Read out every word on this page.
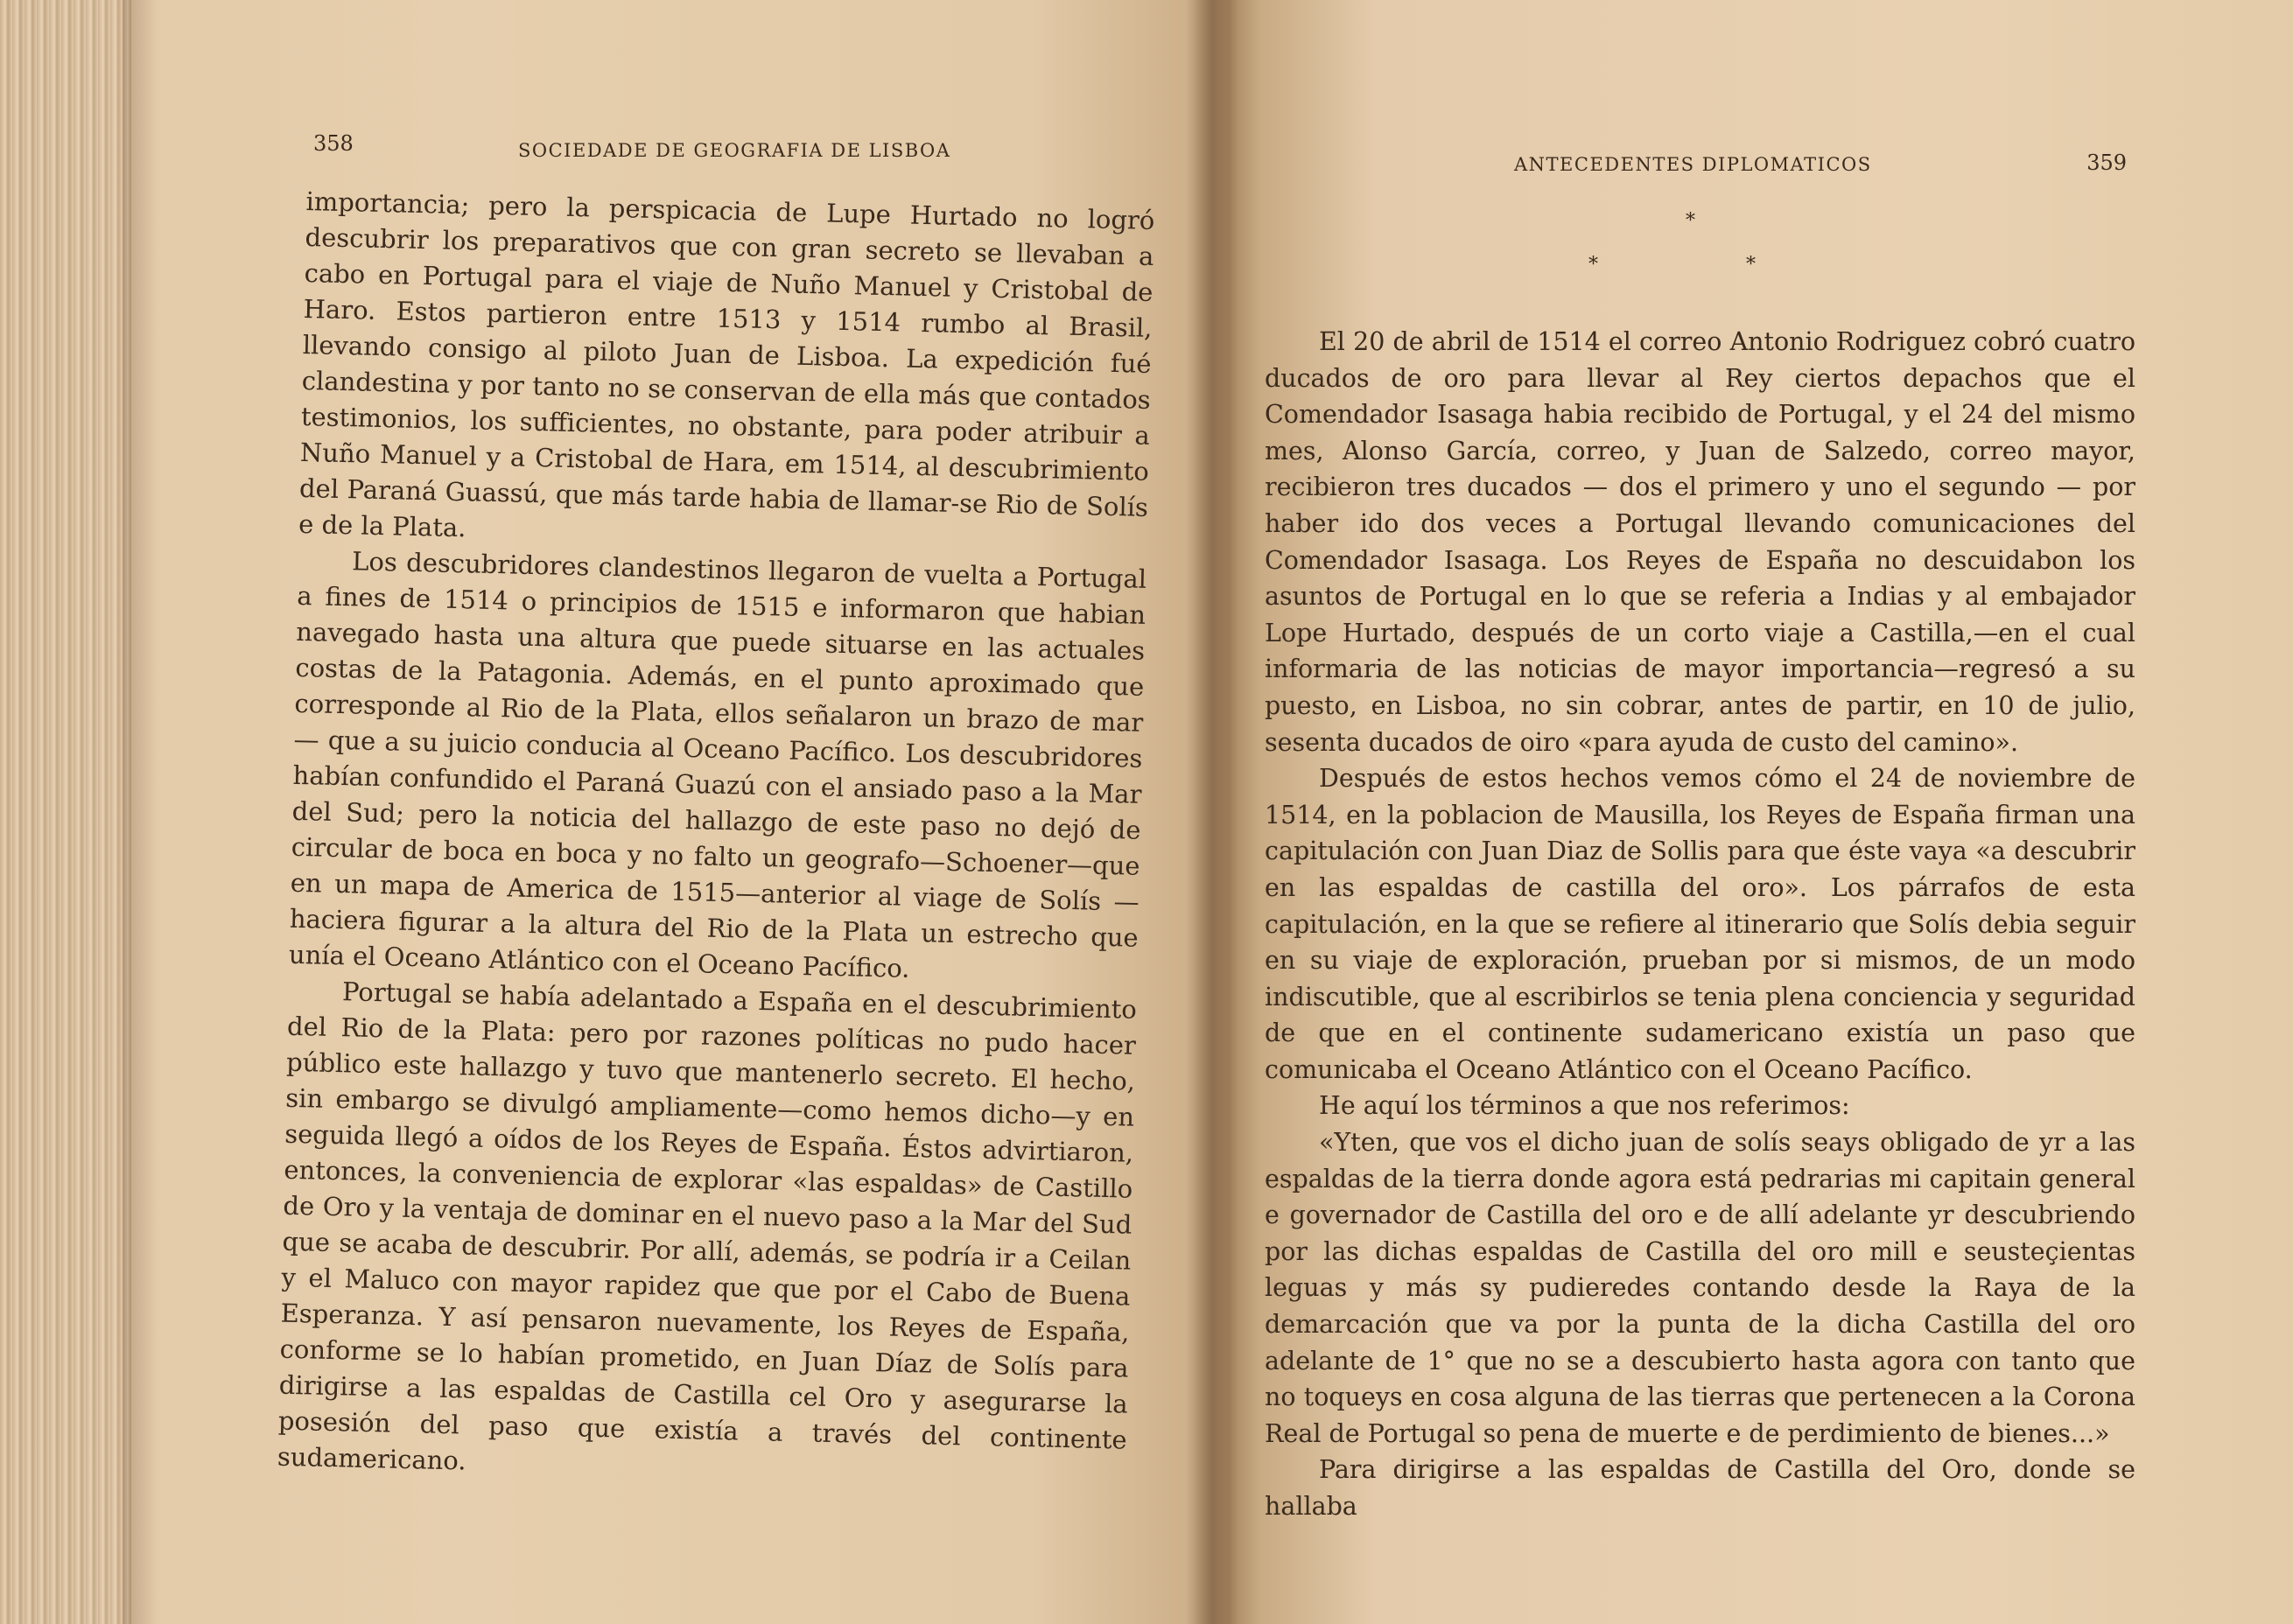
358	SOCIEDADE DE GEOGRAFIA DE LISBOA

importancia; pero la perspicacia de Lupe Hurtado no logró descubrir los preparativos que con gran secreto se llevaban a cabo en Portugal para el viaje de Nuño Manuel y Cristobal de Haro. Estos partieron entre 1513 y 1514 rumbo al Brasil, llevando consigo al piloto Juan de Lisboa. La expedición fué clandestina y por tanto no se conservan de ella más que contados testimonios, los sufficientes, no obstante, para poder atribuir a Nuño Manuel y a Cristobal de Hara, em 1514, al descubrimiento del Paraná Guassú, que más tarde habia de llamar-se Rio de Solís e de la Plata.

Los descubridores clandestinos llegaron de vuelta a Portugal a fines de 1514 o principios de 1515 e informaron que habian navegado hasta una altura que puede situarse en las actuales costas de la Patagonia. Además, en el punto aproximado que corresponde al Rio de la Plata, ellos señalaron un brazo de mar — que a su juicio conducia al Oceano Pacífico. Los descubridores habían confundido el Paraná Guazú con el ansiado paso a la Mar del Sud; pero la noticia del hallazgo de este paso no dejó de circular de boca en boca y no falto un geografo—Schoener—que en un mapa de America de 1515—anterior al viage de Solís — haciera figurar a la altura del Rio de la Plata un estrecho que unía el Oceano Atlántico con el Oceano Pacífico.

Portugal se había adelantado a España en el descubrimiento del Rio de la Plata: pero por razones políticas no pudo hacer público este hallazgo y tuvo que mantenerlo secreto. El hecho, sin embargo se divulgó ampliamente—como hemos dicho—y en seguida llegó a oídos de los Reyes de España. Éstos advirtiaron, entonces, la conveniencia de explorar «las espaldas» de Castillo de Oro y la ventaja de dominar en el nuevo paso a la Mar del Sud que se acaba de descubrir. Por allí, además, se podría ir a Ceilan y el Maluco con mayor rapidez que que por el Cabo de Buena Esperanza. Y así pensaron nuevamente, los Reyes de España, conforme se lo habían prometido, en Juan Díaz de Solís para dirigirse a las espaldas de Castilla cel Oro y asegurarse la posesión del paso que existía a través del continente sudamericano.

ANTECEDENTES DIPLOMATICOS	359
*
*	*

El 20 de abril de 1514 el correo Antonio Rodriguez cobró cuatro ducados de oro para llevar al Rey ciertos depachos que el Comendador Isasaga habia recibido de Portugal, y el 24 del mismo mes, Alonso García, correo, y Juan de Salzedo, correo mayor, recibieron tres ducados — dos el primero y uno el segundo — por haber ido dos veces a Portugal llevando comunicaciones del Comendador Isasaga. Los Reyes de España no descuidabon los asuntos de Portugal en lo que se referia a Indias y al embajador Lope Hurtado, después de un corto viaje a Castilla,—en el cual informaria de las noticias de mayor importancia—regresó a su puesto, en Lisboa, no sin cobrar, antes de partir, en 10 de julio, sesenta ducados de oiro «para ayuda de custo del camino».

Después de estos hechos vemos cómo el 24 de noviembre de 1514, en la poblacion de Mausilla, los Reyes de España firman una capitulación con Juan Diaz de Sollis para que éste vaya «a descubrir en las espaldas de castilla del oro». Los párrafos de esta capitulación, en la que se refiere al itinerario que Solís debia seguir en su viaje de exploración, prueban por si mismos, de un modo indiscutible, que al escribirlos se tenia plena conciencia y seguridad de que en el continente sudamericano existía un paso que comunicaba el Oceano Atlántico con el Oceano Pacífico.

He aquí los términos a que nos referimos:

«Yten, que vos el dicho juan de solís seays obligado de yr a las espaldas de la tierra donde agora está pedrarias mi capitain general e governador de Castilla del oro e de allí adelante yr descubriendo por las dichas espaldas de Castilla del oro mill e seusteçientas leguas y más sy pudieredes contando desde la Raya de la demarcación que va por la punta de la dicha Castilla del oro adelante de 1° que no se a descubierto hasta agora con tanto que no toqueys en cosa alguna de las tierras que pertenecen a la Corona Real de Portugal so pena de muerte e de perdimiento de bienes...»

Para dirigirse a las espaldas de Castilla del Oro, donde se hallaba
